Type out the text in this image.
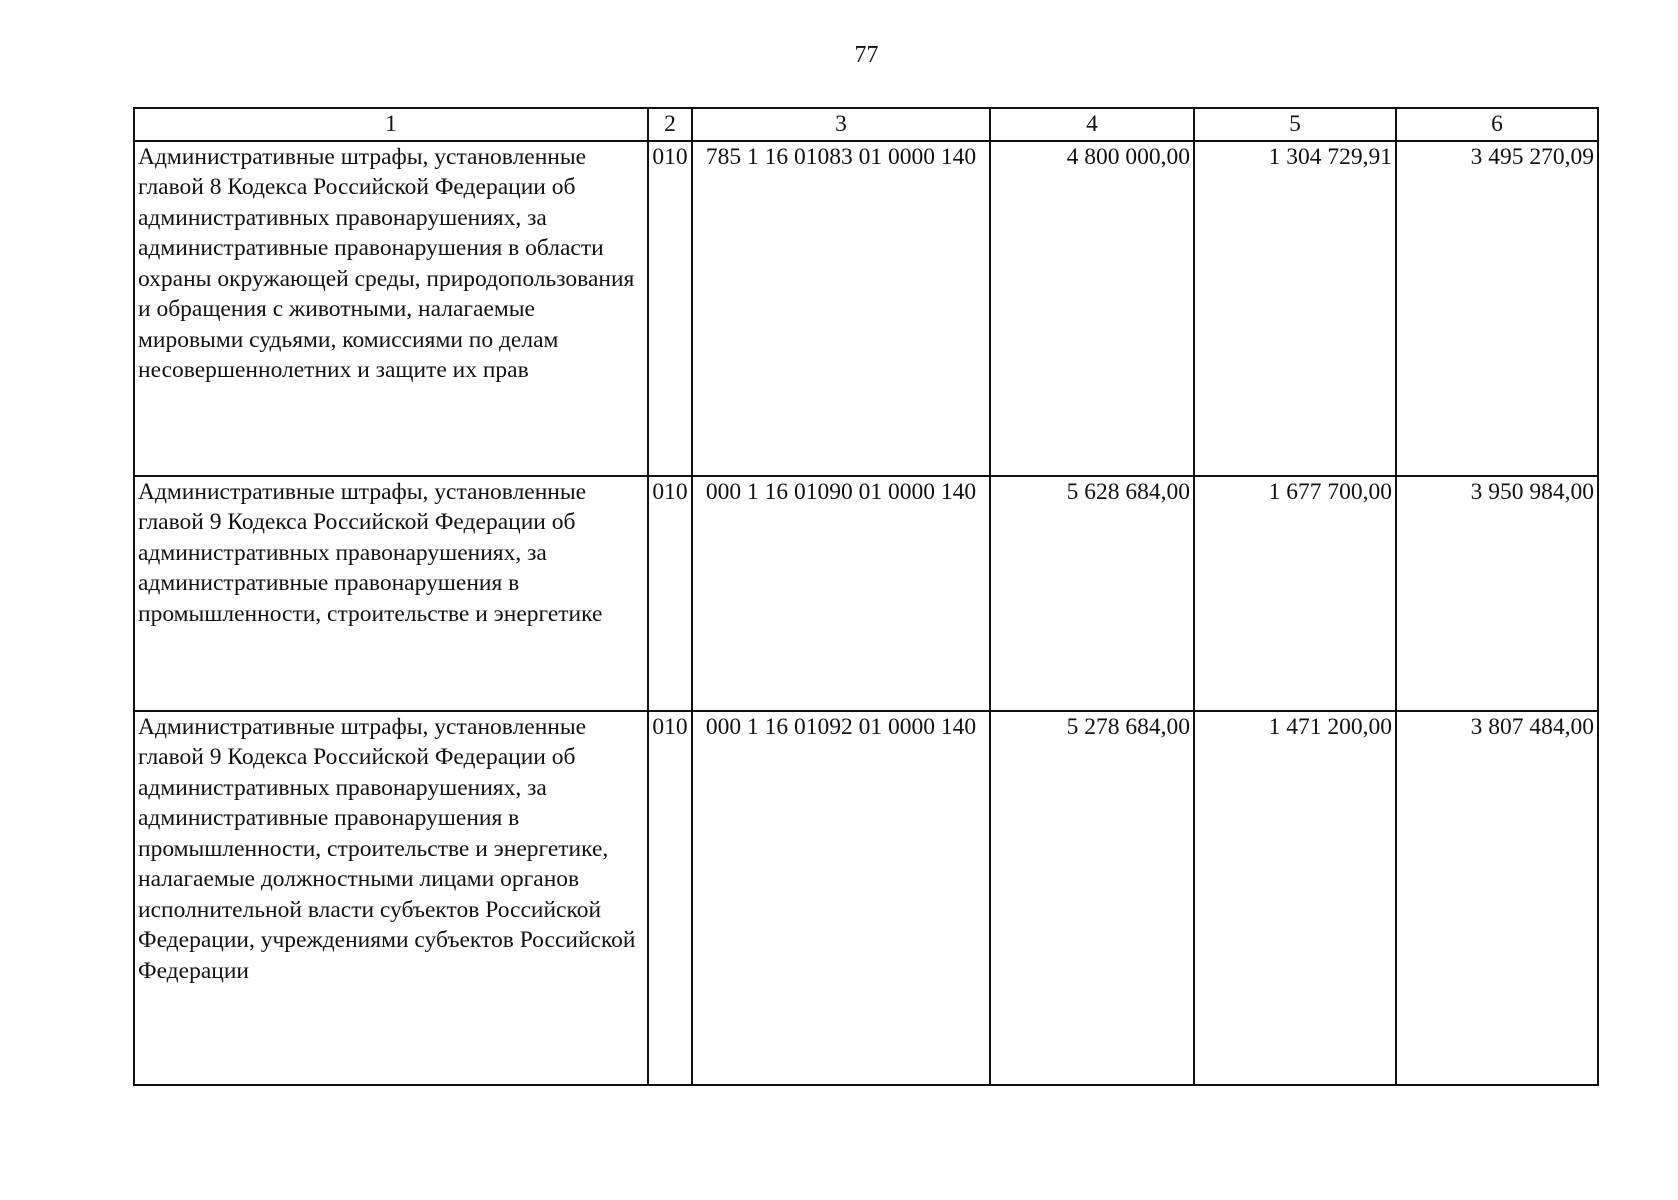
77
1	2	3	4	5	6
Административные штрафы, установленные главой 8 Кодекса Российской Федерации об административных правонарушениях, за административные правонарушения в области охраны окружающей среды, природопользования и обращения с животными, налагаемые мировыми судьями, комиссиями по делам несовершеннолетних и защите их прав	010	785 1 16 01083 01 0000 140	4 800 000,00	1 304 729,91	3 495 270,09
Административные штрафы, установленные главой 9 Кодекса Российской Федерации об административных правонарушениях, за административные правонарушения в промышленности, строительстве и энергетике	010	000 1 16 01090 01 0000 140	5 628 684,00	1 677 700,00	3 950 984,00
Административные штрафы, установленные главой 9 Кодекса Российской Федерации об административных правонарушениях, за административные правонарушения в промышленности, строительстве и энергетике, налагаемые должностными лицами органов исполнительной власти субъектов Российской Федерации, учреждениями субъектов Российской Федерации	010	000 1 16 01092 01 0000 140	5 278 684,00	1 471 200,00	3 807 484,00
